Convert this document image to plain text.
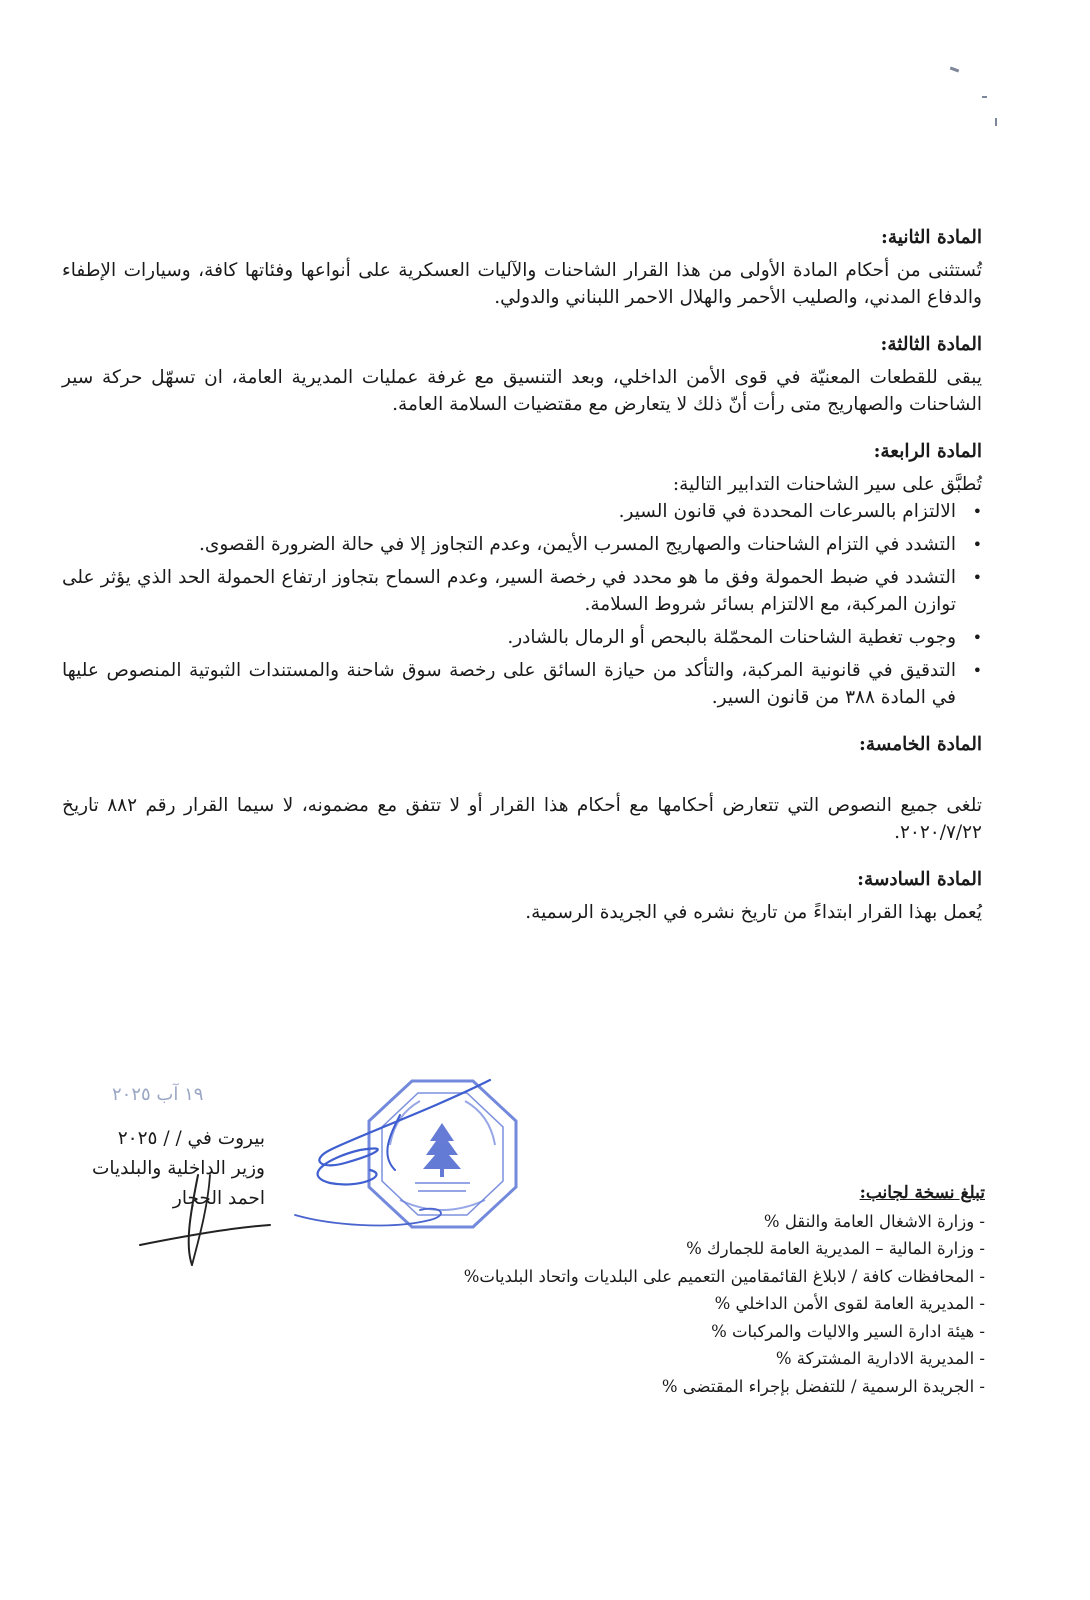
المادة الثانية:

تُستثنى من أحكام المادة الأولى من هذا القرار الشاحنات والآليات العسكرية على أنواعها وفئاتها كافة، وسيارات الإطفاء والدفاع المدني، والصليب الأحمر والهلال الاحمر اللبناني والدولي.

المادة الثالثة:

يبقى للقطعات المعنيّة في قوى الأمن الداخلي، وبعد التنسيق مع غرفة عمليات المديرية العامة، ان تسهّل حركة سير الشاحنات والصهاريج متى رأت أنّ ذلك لا يتعارض مع مقتضيات السلامة العامة.

المادة الرابعة:

تُطبَّق على سير الشاحنات التدابير التالية:

• الالتزام بالسرعات المحددة في قانون السير.
• التشدد في التزام الشاحنات والصهاريج المسرب الأيمن، وعدم التجاوز إلا في حالة الضرورة القصوى.
• التشدد في ضبط الحمولة وفق ما هو محدد في رخصة السير، وعدم السماح بتجاوز ارتفاع الحمولة الحد الذي يؤثر على توازن المركبة، مع الالتزام بسائر شروط السلامة.
• وجوب تغطية الشاحنات المحمّلة بالبحص أو الرمال بالشادر.
• التدقيق في قانونية المركبة، والتأكد من حيازة السائق على رخصة سوق شاحنة والمستندات الثبوتية المنصوص عليها في المادة ٣٨٨ من قانون السير.
المادة الخامسة:

تلغى جميع النصوص التي تتعارض أحكامها مع أحكام هذا القرار أو لا تتفق مع مضمونه، لا سيما القرار رقم ٨٨٢ تاريخ ٢٠٢٠/٧/٢٢.

المادة السادسة:

يُعمل بهذا القرار ابتداءً من تاريخ نشره في الجريدة الرسمية.

١٩ آب ٢٠٢٥
بيروت في / / ٢٠٢٥
وزير الداخلية والبلديات
احمد الحجار	تبلغ نسخة لجانب:
- وزارة الاشغال العامة والنقل %
- وزارة المالية – المديرية العامة للجمارك %
- المحافظات كافة / لابلاغ القائمقامين التعميم على البلديات واتحاد البلديات%
- المديرية العامة لقوى الأمن الداخلي %
- هيئة ادارة السير والاليات والمركبات %
- المديرية الادارية المشتركة %
- الجريدة الرسمية / للتفضل بإجراء المقتضى %
